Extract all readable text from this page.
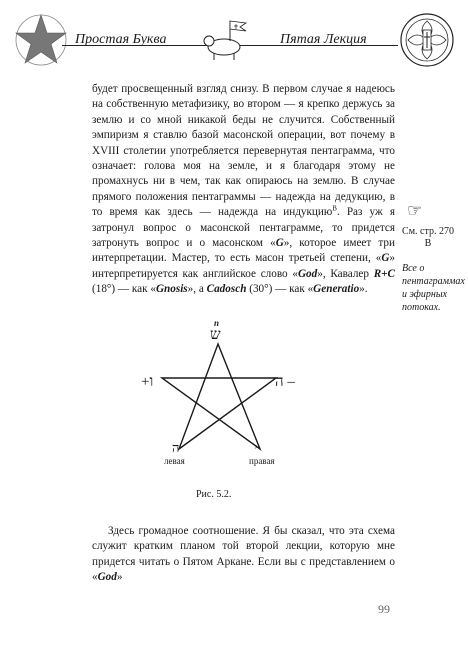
Простая Буква	Пятая Лекция

будет просвещенный взгляд снизу. В первом случае я надеюсь на собственную метафизику, во втором — я крепко держусь за землю и со мной никакой беды не случится. Собственный эмпиризм я ставлю базой масонской операции, вот почему в XVIII столетии употребляется перевернутая пентаграмма, что означает: голова моя на земле, и я благодаря этому не промахнусь ни в чем, так как опираюсь на землю. В случае прямого положения пентаграммы — надежда на дедукцию, в то время как здесь — надежда на индукцию$^В$. Раз уж я затронул вопрос о масонской пентаграмме, то придется затронуть вопрос и о масонском «G», которое имеет три интерпретации. Мастер, то есть масон третьей степени, «G» интерпретируется как английское слово «God», Кавалер R+C (18°) — как «Gnosis», а Cadosch (30°) — как «Generatio».

☞
См. стр. 270 В
Все о пентаграммах и эфирных потоках.
n
ש
+ו	ה –
ה	י
левая	правая
Рис. 5.2.

Здесь громадное соотношение. Я бы сказал, что эта схема служит кратким планом той второй лекции, которую мне придется читать о Пятом Аркане. Если вы с представлением о «God»

99
